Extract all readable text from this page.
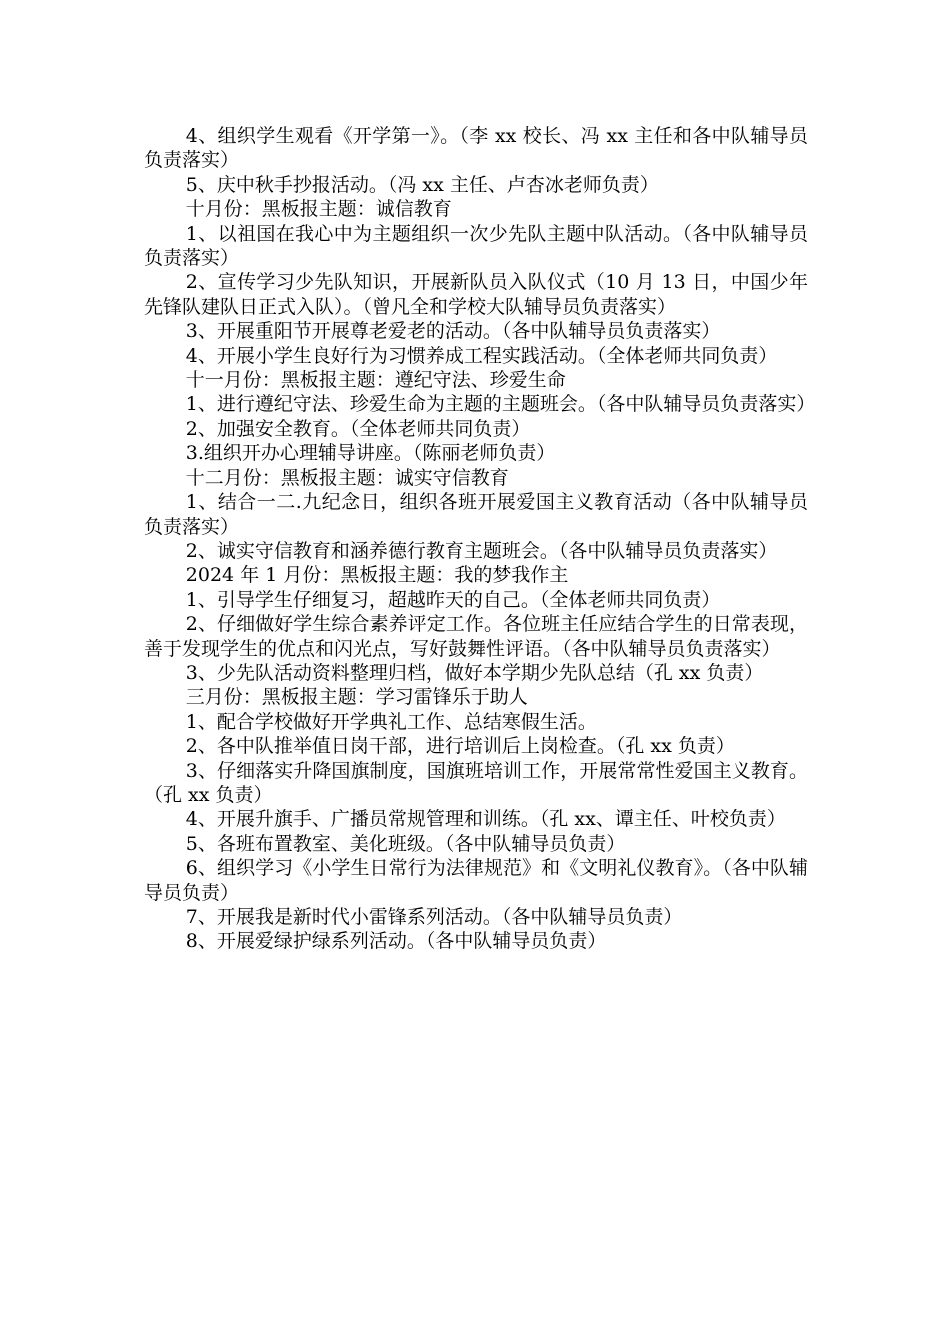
4、组织学生观看《开学第一》。（李 xx 校长、冯 xx 主任和各中队辅导员负责落实）

5、庆中秋手抄报活动。（冯 xx 主任、卢杏冰老师负责）

十月份：黑板报主题：诚信教育

1、以祖国在我心中为主题组织一次少先队主题中队活动。（各中队辅导员负责落实）

2、宣传学习少先队知识，开展新队员入队仪式（10 月 13 日，中国少年先锋队建队日正式入队）。（曾凡全和学校大队辅导员负责落实）

3、开展重阳节开展尊老爱老的活动。（各中队辅导员负责落实）

4、开展小学生良好行为习惯养成工程实践活动。（全体老师共同负责）

十一月份：黑板报主题：遵纪守法、珍爱生命

1、进行遵纪守法、珍爱生命为主题的主题班会。（各中队辅导员负责落实）

2、加强安全教育。（全体老师共同负责）

3.组织开办心理辅导讲座。（陈丽老师负责）

十二月份：黑板报主题：诚实守信教育

1、结合一二.九纪念日，组织各班开展爱国主义教育活动（各中队辅导员负责落实）

2、诚实守信教育和涵养德行教育主题班会。（各中队辅导员负责落实）

2024 年 1 月份：黑板报主题：我的梦我作主

1、引导学生仔细复习，超越昨天的自己。（全体老师共同负责）

2、仔细做好学生综合素养评定工作。各位班主任应结合学生的日常表现，善于发现学生的优点和闪光点，写好鼓舞性评语。（各中队辅导员负责落实）

3、少先队活动资料整理归档，做好本学期少先队总结（孔 xx 负责）

三月份：黑板报主题：学习雷锋乐于助人

1、配合学校做好开学典礼工作、总结寒假生活。

2、各中队推举值日岗干部，进行培训后上岗检查。（孔 xx 负责）

3、仔细落实升降国旗制度，国旗班培训工作，开展常常性爱国主义教育。（孔 xx 负责）

4、开展升旗手、广播员常规管理和训练。（孔 xx、谭主任、叶校负责）

5、各班布置教室、美化班级。（各中队辅导员负责）

6、组织学习《小学生日常行为法律规范》和《文明礼仪教育》。（各中队辅导员负责）

7、开展我是新时代小雷锋系列活动。（各中队辅导员负责）

8、开展爱绿护绿系列活动。（各中队辅导员负责）
